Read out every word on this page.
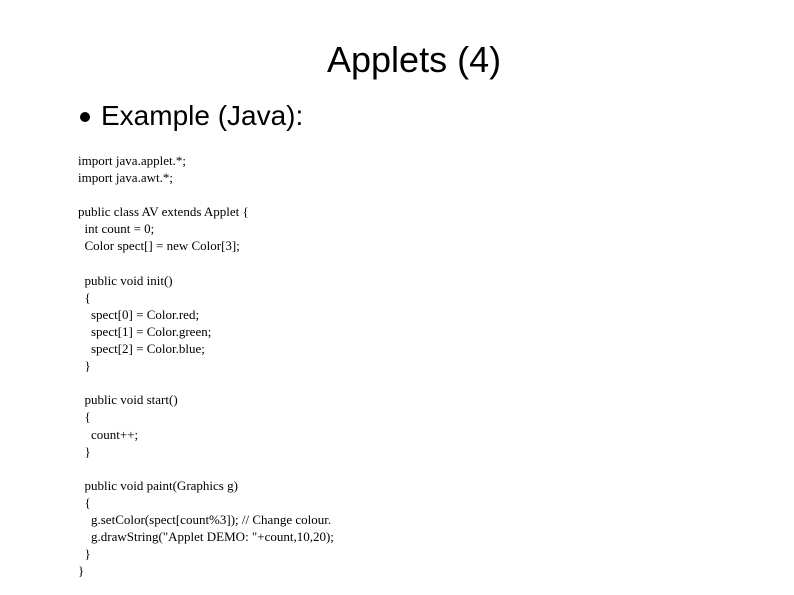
Applets (4)
Example (Java):
import java.applet.*;
import java.awt.*;
public class AV extends Applet {
int count = 0;
Color spect[] = new Color[3];
public void init()
{
spect[0] = Color.red;
spect[1] = Color.green;
spect[2] = Color.blue;
}
public void start()
{
count++;
}
public void paint(Graphics g)
{
g.setColor(spect[count%3]); // Change colour.
g.drawString("Applet DEMO: "+count,10,20);
}
}
